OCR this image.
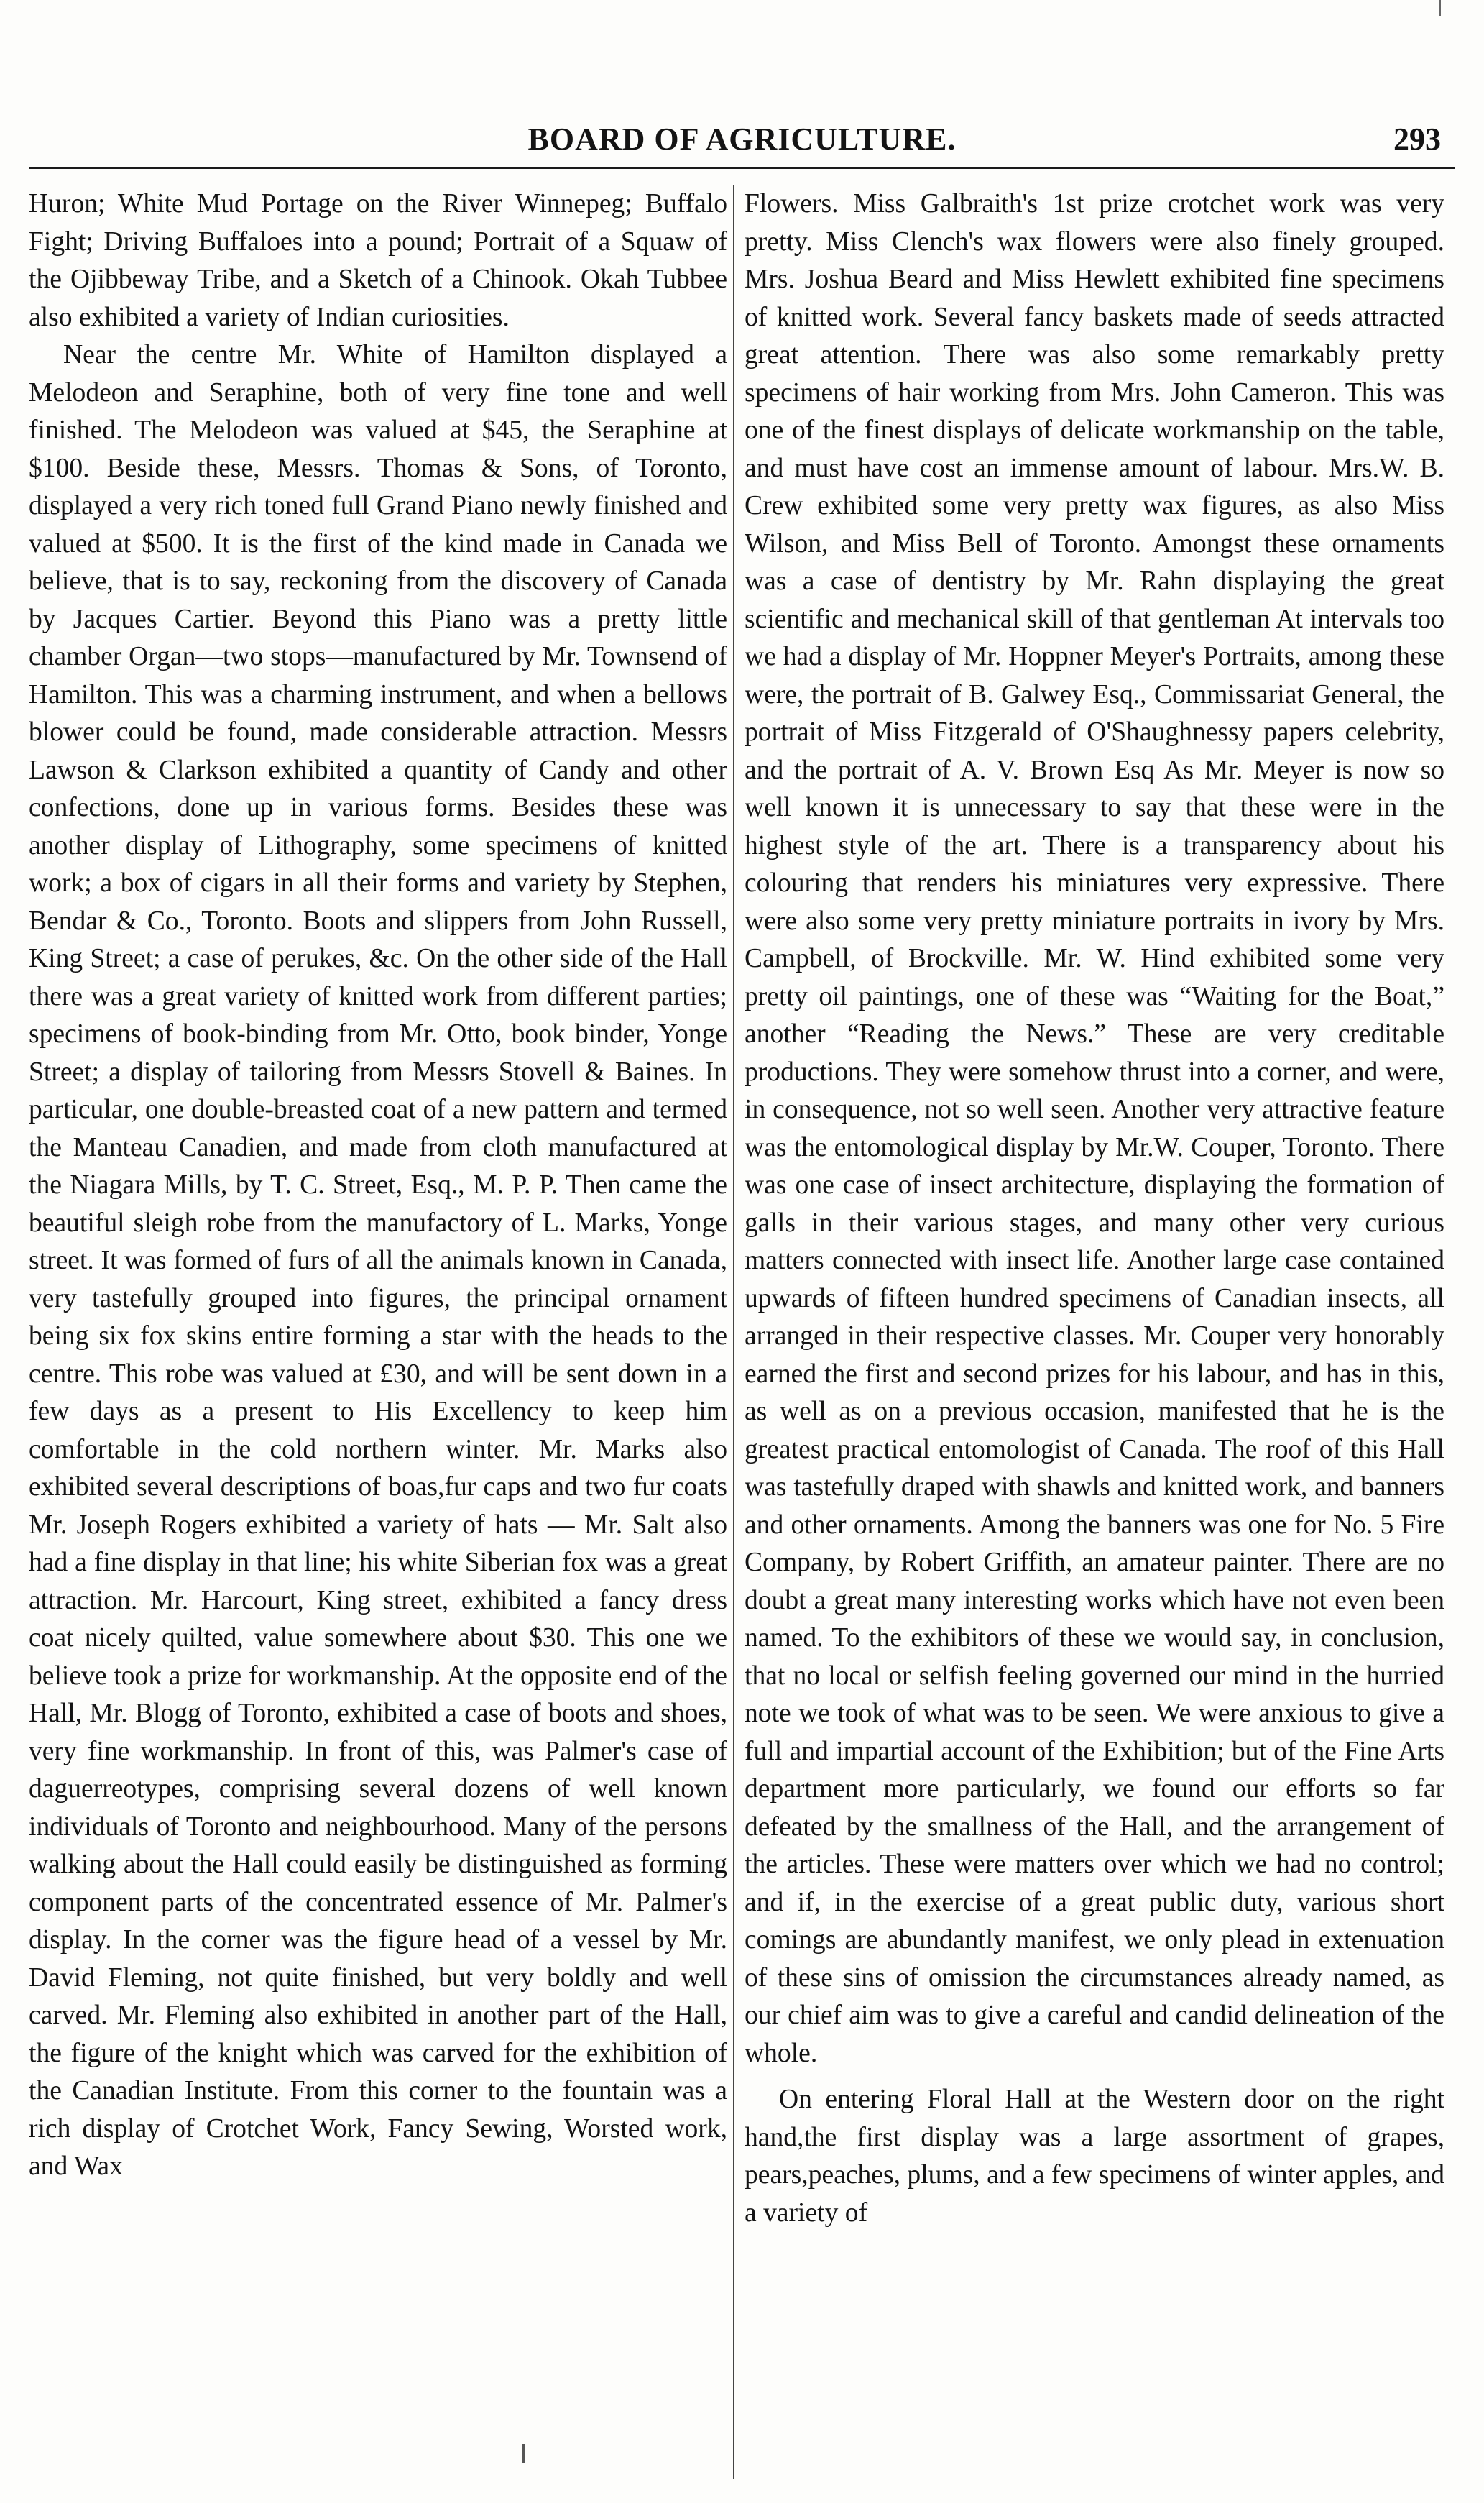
BOARD OF AGRICULTURE.	293

Huron; White Mud Portage on the River Winnepeg; Buffalo Fight; Driving Buffaloes into a pound; Portrait of a Squaw of the Ojibbeway Tribe, and a Sketch of a Chinook. Okah Tubbee also exhibited a variety of Indian curiosities.

Near the centre Mr. White of Hamilton displayed a Melodeon and Seraphine, both of very fine tone and well finished. The Melodeon was valued at $45, the Seraphine at $100. Beside these, Messrs. Thomas & Sons, of Toronto, displayed a very rich toned full Grand Piano newly finished and valued at $500. It is the first of the kind made in Canada we believe, that is to say, reckoning from the discovery of Canada by Jacques Cartier. Beyond this Piano was a pretty little chamber Organ—two stops—manufactured by Mr. Townsend of Hamilton. This was a charming instrument, and when a bellows blower could be found, made considerable attraction. Messrs Lawson & Clarkson exhibited a quantity of Candy and other confections, done up in various forms. Besides these was another display of Lithography, some specimens of knitted work; a box of cigars in all their forms and variety by Stephen, Bendar & Co., Toronto. Boots and slippers from John Russell, King Street; a case of perukes, &c. On the other side of the Hall there was a great variety of knitted work from different parties; specimens of book-binding from Mr. Otto, book binder, Yonge Street; a display of tailoring from Messrs Stovell & Baines. In particular, one double-breasted coat of a new pattern and termed the Manteau Canadien, and made from cloth manufactured at the Niagara Mills, by T. C. Street, Esq., M. P. P. Then came the beautiful sleigh robe from the manufactory of L. Marks, Yonge street. It was formed of furs of all the animals known in Canada, very tastefully grouped into figures, the principal ornament being six fox skins entire forming a star with the heads to the centre. This robe was valued at £30, and will be sent down in a few days as a present to His Excellency to keep him comfortable in the cold northern winter. Mr. Marks also exhibited several descriptions of boas,fur caps and two fur coats Mr. Joseph Rogers exhibited a variety of hats — Mr. Salt also had a fine display in that line; his white Siberian fox was a great attraction. Mr. Harcourt, King street, exhibited a fancy dress coat nicely quilted, value somewhere about $30. This one we believe took a prize for workmanship. At the opposite end of the Hall, Mr. Blogg of Toronto, exhibited a case of boots and shoes, very fine workmanship. In front of this, was Palmer's case of daguerreotypes, comprising several dozens of well known individuals of Toronto and neighbourhood. Many of the persons walking about the Hall could easily be distinguished as forming component parts of the concentrated essence of Mr. Palmer's display. In the corner was the figure head of a vessel by Mr. David Fleming, not quite finished, but very boldly and well carved. Mr. Fleming also exhibited in another part of the Hall, the figure of the knight which was carved for the exhibition of the Canadian Institute. From this corner to the fountain was a rich display of Crotchet Work, Fancy Sewing, Worsted work, and Wax

Flowers. Miss Galbraith's 1st prize crotchet work was very pretty. Miss Clench's wax flowers were also finely grouped. Mrs. Joshua Beard and Miss Hewlett exhibited fine specimens of knitted work. Several fancy baskets made of seeds attracted great attention. There was also some remarkably pretty specimens of hair working from Mrs. John Cameron. This was one of the finest displays of delicate workmanship on the table, and must have cost an immense amount of labour. Mrs.W. B. Crew exhibited some very pretty wax figures, as also Miss Wilson, and Miss Bell of Toronto. Amongst these ornaments was a case of dentistry by Mr. Rahn displaying the great scientific and mechanical skill of that gentleman At intervals too we had a display of Mr. Hoppner Meyer's Portraits, among these were, the portrait of B. Galwey Esq., Commissariat General, the portrait of Miss Fitzgerald of O'Shaughnessy papers celebrity, and the portrait of A. V. Brown Esq As Mr. Meyer is now so well known it is unnecessary to say that these were in the highest style of the art. There is a transparency about his colouring that renders his miniatures very expressive. There were also some very pretty miniature portraits in ivory by Mrs. Campbell, of Brockville. Mr. W. Hind exhibited some very pretty oil paintings, one of these was “Waiting for the Boat,” another “Reading the News.” These are very creditable productions. They were somehow thrust into a corner, and were, in consequence, not so well seen. Another very attractive feature was the entomological display by Mr.W. Couper, Toronto. There was one case of insect architecture, displaying the formation of galls in their various stages, and many other very curious matters connected with insect life. Another large case contained upwards of fifteen hundred specimens of Canadian insects, all arranged in their respective classes. Mr. Couper very honorably earned the first and second prizes for his labour, and has in this, as well as on a previous occasion, manifested that he is the greatest practical entomologist of Canada. The roof of this Hall was tastefully draped with shawls and knitted work, and banners and other ornaments. Among the banners was one for No. 5 Fire Company, by Robert Griffith, an amateur painter. There are no doubt a great many interesting works which have not even been named. To the exhibitors of these we would say, in conclusion, that no local or selfish feeling governed our mind in the hurried note we took of what was to be seen. We were anxious to give a full and impartial account of the Exhibition; but of the Fine Arts department more particularly, we found our efforts so far defeated by the smallness of the Hall, and the arrangement of the articles. These were matters over which we had no control; and if, in the exercise of a great public duty, various short comings are abundantly manifest, we only plead in extenuation of these sins of omission the circumstances already named, as our chief aim was to give a careful and candid delineation of the whole.

On entering Floral Hall at the Western door on the right hand,the first display was a large assortment of grapes, pears,peaches, plums, and a few specimens of winter apples, and a variety of
